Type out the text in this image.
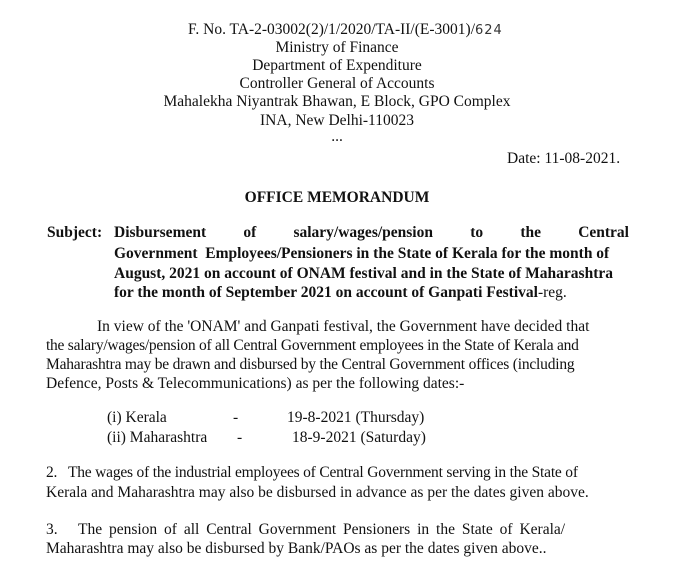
F. No. TA-2-03002(2)/1/2020/TA-II/(E-3001)/624
Ministry of Finance
Department of Expenditure
Controller General of Accounts
Mahalekha Niyantrak Bhawan, E Block, GPO Complex
INA, New Delhi-110023
...
Date: 11-08-2021.
OFFICE MEMORANDUM
Subject: Disbursement of salary/wages/pension to the Central
Government  Employees/Pensioners in the State of Kerala for the month of
August, 2021 on account of ONAM festival and in the State of Maharashtra
for the month of September 2021 on account of Ganpati Festival-reg.
In view of the 'ONAM' and Ganpati festival, the Government have decided that
the salary/wages/pension of all Central Government employees in the State of Kerala and
Maharashtra may be drawn and disbursed by the Central Government offices (including
Defence, Posts & Telecommunications) as per the following dates:-
(i) Kerala	-	19-8-2021 (Thursday)
(ii) Maharashtra -	18-9-2021 (Saturday)
2.   The wages of the industrial employees of Central Government serving in the State of
Kerala and Maharashtra may also be disbursed in advance as per the dates given above.
3.   The pension of all Central Government Pensioners in the State of Kerala/
Maharashtra may also be disbursed by Bank/PAOs as per the dates given above..
